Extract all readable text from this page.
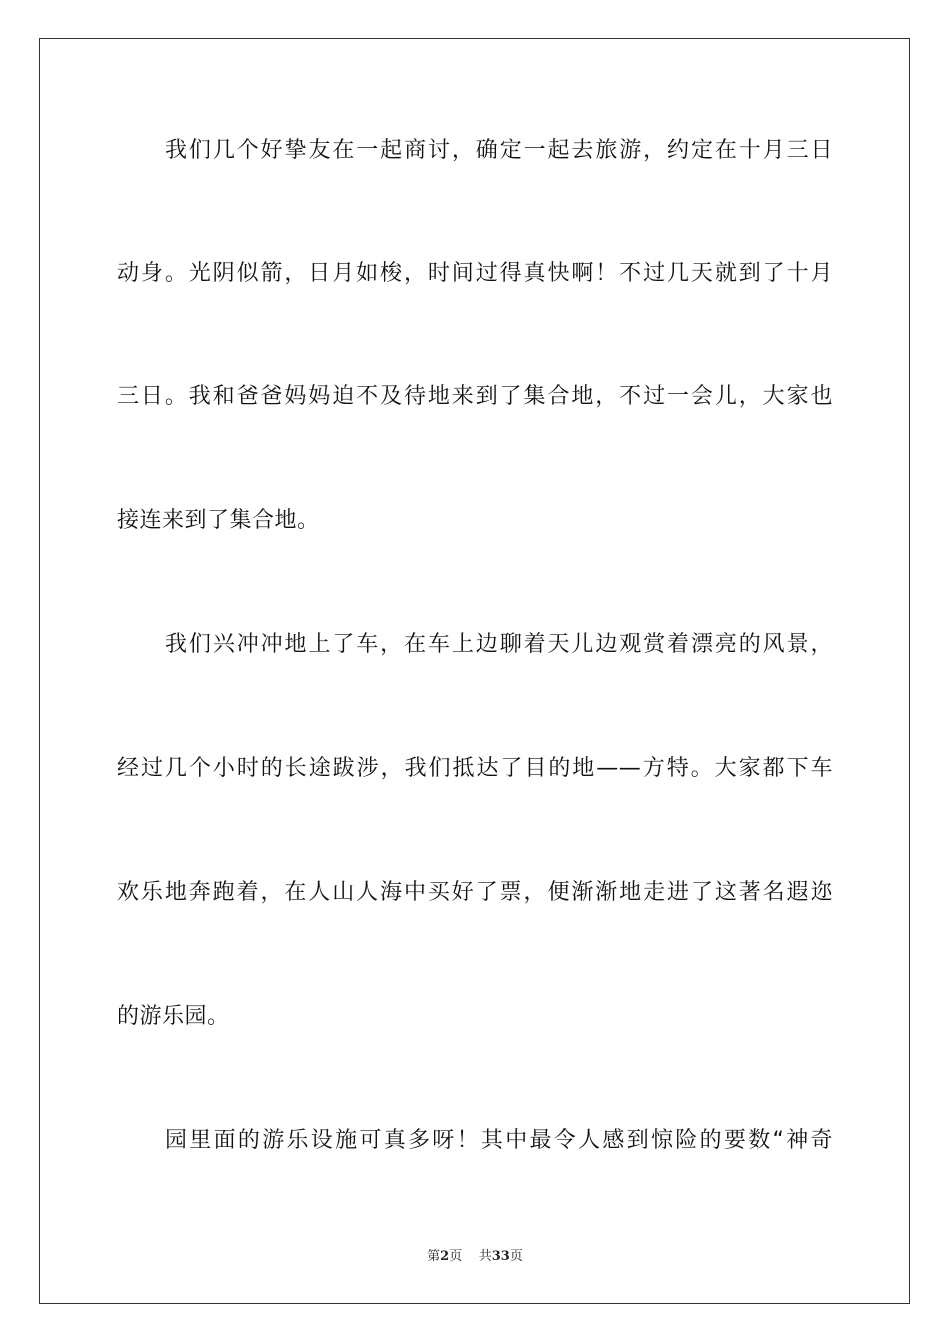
我们几个好挚友在一起商讨，确定一起去旅游，约定在十月三日
动身。光阴似箭，日月如梭，时间过得真快啊！不过几天就到了十月
三日。我和爸爸妈妈迫不及待地来到了集合地，不过一会儿，大家也
接连来到了集合地。
我们兴冲冲地上了车，在车上边聊着天儿边观赏着漂亮的风景，
经过几个小时的长途跋涉，我们抵达了目的地——方特。大家都下车
欢乐地奔跑着，在人山人海中买好了票，便渐渐地走进了这著名遐迩
的游乐园。
园里面的游乐设施可真多呀！其中最令人感到惊险的要数“神奇
第2页 共33页
